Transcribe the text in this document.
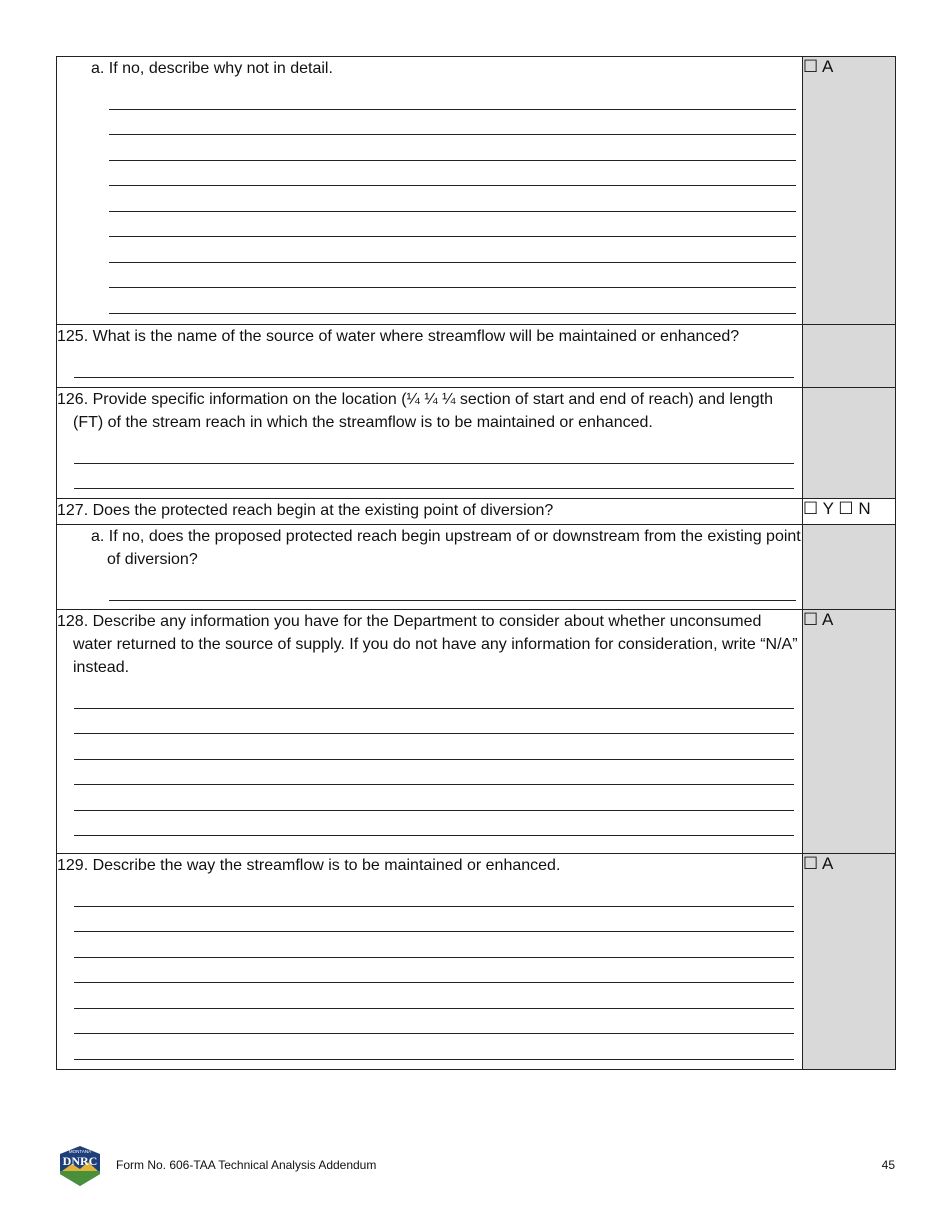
a. If no, describe why not in detail.	☐ A

125. What is the name of the source of water where streamflow will be maintained or enhanced?	

126. Provide specific information on the location (¼ ¼ ¼ section of start and end of reach) and length (FT) of the stream reach in which the streamflow is to be maintained or enhanced.	

127. Does the protected reach begin at the existing point of diversion?	☐ Y ☐ N

a. If no, does the proposed protected reach begin upstream of or downstream from the existing point of diversion?	

128. Describe any information you have for the Department to consider about whether unconsumed water returned to the source of supply. If you do not have any information for consideration, write “N/A” instead.	☐ A

129. Describe the way the streamflow is to be maintained or enhanced.	☐ A
MONTANA
DNRC Form No. 606-TAA Technical Analysis Addendum	45
